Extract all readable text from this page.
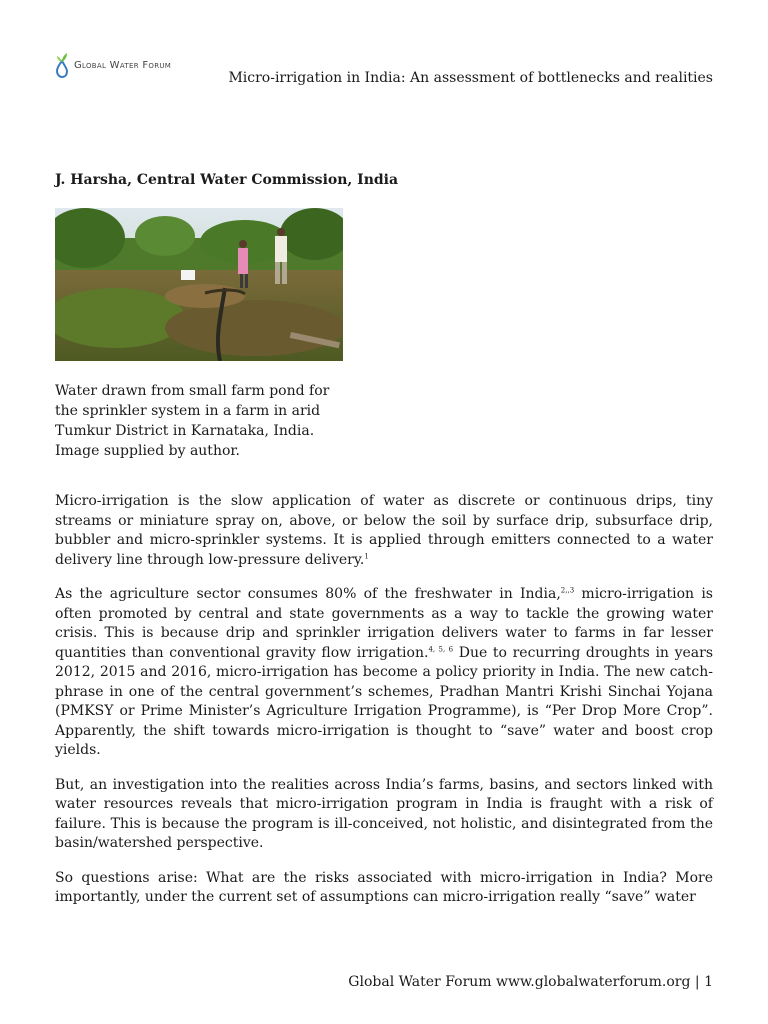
Global Water Forum
Micro-irrigation in India: An assessment of bottlenecks and realities
J. Harsha, Central Water Commission, India
Water drawn from small farm pond for
the sprinkler system in a farm in arid
Tumkur District in Karnataka, India.
Image supplied by author.

Micro-irrigation is the slow application of water as discrete or continuous drips, tiny streams or miniature spray on, above, or below the soil by surface drip, subsurface drip, bubbler and micro-sprinkler systems. It is applied through emitters connected to a water delivery line through low-pressure delivery.$^1$

As the agriculture sector consumes 80% of the freshwater in India,$^{2,,3}$ micro-irrigation is often promoted by central and state governments as a way to tackle the growing water crisis. This is because drip and sprinkler irrigation delivers water to farms in far lesser quantities than conventional gravity flow irrigation.$^{4, 5, 6}$ Due to recurring droughts in years 2012, 2015 and 2016, micro-irrigation has become a policy priority in India. The new catch-phrase in one of the central government’s schemes, Pradhan Mantri Krishi Sinchai Yojana (PMKSY or Prime Minister’s Agriculture Irrigation Programme), is “Per Drop More Crop”. Apparently, the shift towards micro-irrigation is thought to “save” water and boost crop yields.

But, an investigation into the realities across India’s farms, basins, and sectors linked with water resources reveals that micro-irrigation program in India is fraught with a risk of failure. This is because the program is ill-conceived, not holistic, and disintegrated from the basin/watershed perspective.

So questions arise: What are the risks associated with micro-irrigation in India? More importantly, under the current set of assumptions can micro-irrigation really “save” water

Global Water Forum www.globalwaterforum.org | 1
